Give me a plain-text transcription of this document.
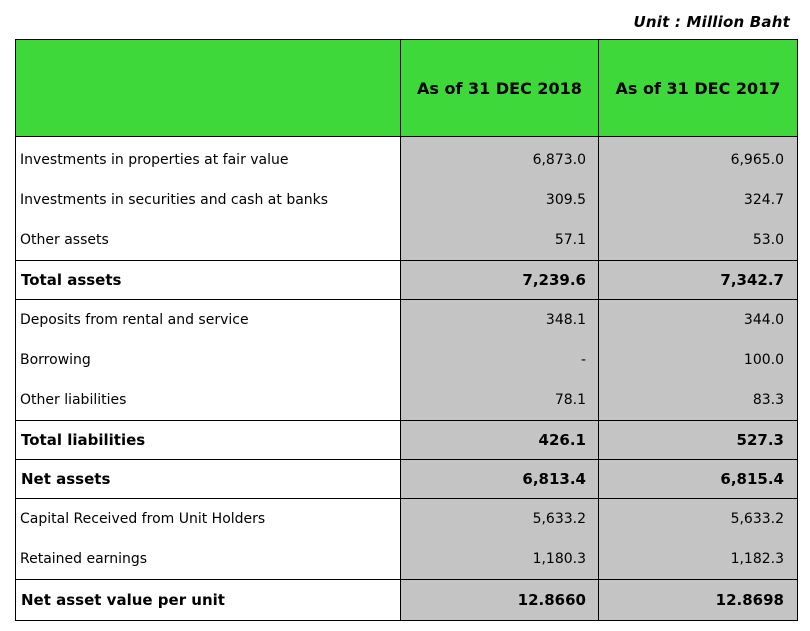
Unit : Million Baht
	As of 31 DEC 2018	As of 31 DEC 2017
Investments in properties at fair value	6,873.0	6,965.0
Investments in securities and cash at banks	309.5	324.7
Other assets	57.1	53.0
Total assets	7,239.6	7,342.7
Deposits from rental and service	348.1	344.0
Borrowing	-	100.0
Other liabilities	78.1	83.3
Total liabilities	426.1	527.3
Net assets	6,813.4	6,815.4
Capital Received from Unit Holders	5,633.2	5,633.2
Retained earnings	1,180.3	1,182.3
Net asset value per unit	12.8660	12.8698
